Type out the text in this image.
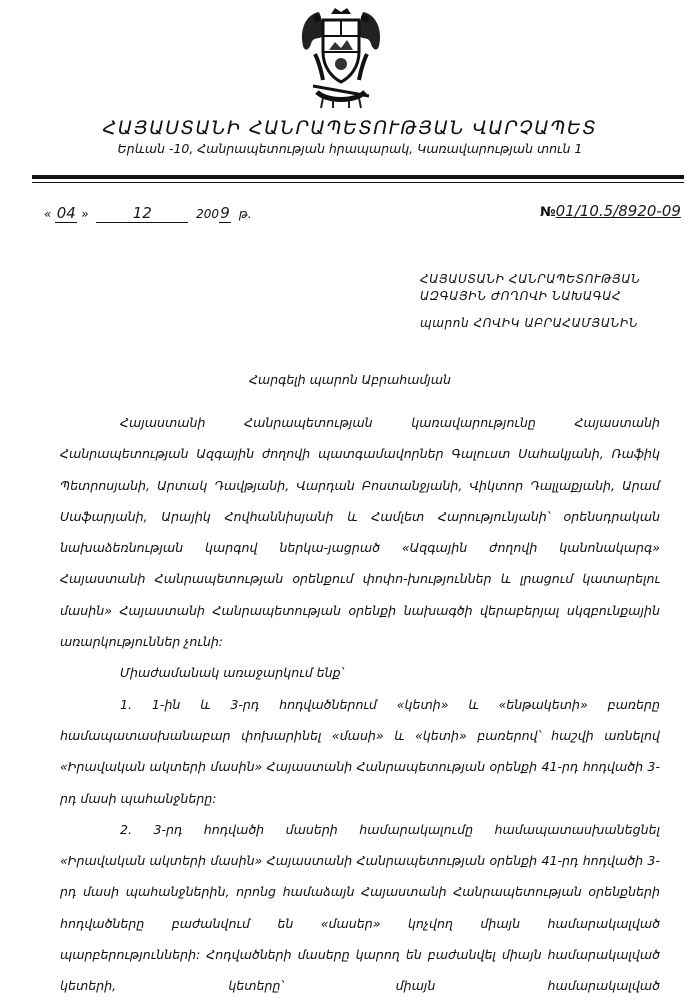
ՀԱՅԱՍՏԱՆԻ ՀԱՆՐԱՊԵՏՈՒԹՅԱՆ ՎԱՐՉԱՊԵՏ
Երևան -10, Հանրապետության հրապարակ, Կառավարության տուն 1
« 04 »	12	2009 թ.	№01/10.5/8920-09
ՀԱՅԱՍՏԱՆԻ ՀԱՆՐԱՊԵՏՈՒԹՅԱՆ
ԱԶԳԱՅԻՆ ԺՈՂՈՎԻ ՆԱԽԱԳԱՀ
պարոն ՀՈՎԻԿ ԱԲՐԱՀԱՄՅԱՆԻՆ
Հարգելի պարոն Աբրահամյան

Հայաստանի Հանրապետության կառավարությունը Հայաստանի Հանրապետության Ազգային ժողովի պատգամավորներ Գալուստ Սահակյանի, Ռաֆիկ Պետրոսյանի, Արտակ Դավթյանի, Վարդան Բոստանջյանի, Վիկտոր Դալլաքյանի, Արամ Սաֆարյանի, Արայիկ Հովհաննիսյանի և Համլետ Հարությունյանի՝ օրենսդրական նախաձեռնության կարգով ներկա-յացրած «Ազգային ժողովի կանոնակարգ» Հայաստանի Հանրապետության օրենքում փոփո-խություններ և լրացում կատարելու մասին» Հայաստանի Հանրապետության օրենքի նախագծի վերաբերյալ սկզբունքային առարկություններ չունի:

Միաժամանակ առաջարկում ենք՝

1. 1-ին և 3-րդ հոդվածներում «կետի» և «ենթակետի» բառերը համապատասխանաբար փոխարինել «մասի» և «կետի» բառերով՝ հաշվի առնելով «Իրավական ակտերի մասին» Հայաստանի Հանրապետության օրենքի 41-րդ հոդվածի 3-րդ մասի պահանջները:

2. 3-րդ հոդվածի մասերի համարակալումը համապատասխանեցնել «Իրավական ակտերի մասին» Հայաստանի Հանրապետության օրենքի 41-րդ հոդվածի 3-րդ մասի պահանջներին, որոնց համաձայն Հայաստանի Հանրապետության օրենքների հոդվածները բաժանվում են «մասեր» կոչվող միայն համարակալված պարբերությունների: Հոդվածների մասերը կարող են բաժանվել միայն համարակալված կետերի, կետերը՝ միայն համարակալված
